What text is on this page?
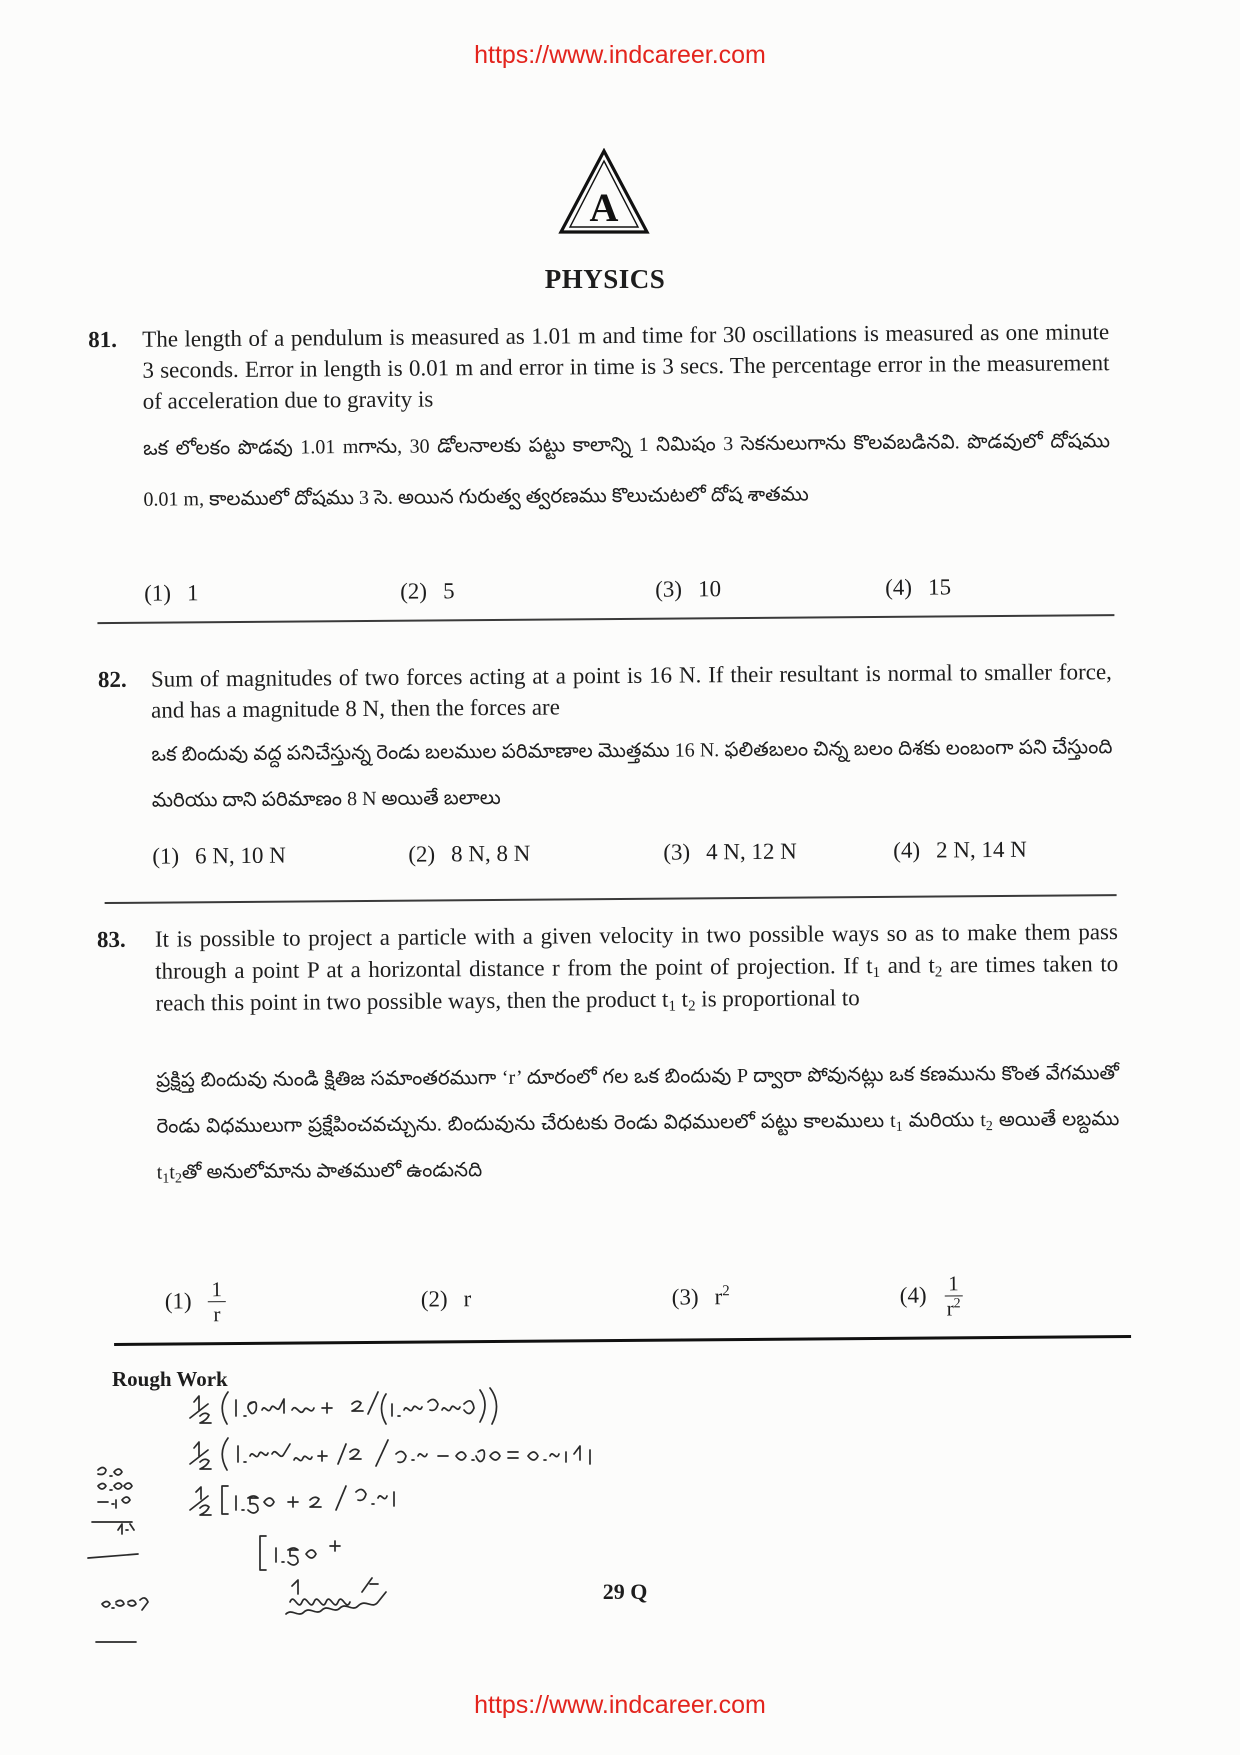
https://www.indcareer.com
A
PHYSICS
81. The length of a pendulum is measured as 1.01 m and time for 30 oscillations is measured as one minute 3 seconds. Error in length is 0.01 m and error in time is 3 secs. The percentage error in the measurement of acceleration due to gravity is
ఒక లోలకం పొడవు 1.01 mగాను, 30 డోలనాలకు పట్టు కాలాన్ని 1 నిమిషం 3 సెకనులుగాను కొలవబడినవి. పొడవులో దోషము 0.01 m, కాలములో దోషము 3 సె. అయిన గురుత్వ త్వరణము కొలుచుటలో దోష శాతము
(1) 1	(2) 5	(3) 10	(4) 15
82. Sum of magnitudes of two forces acting at a point is 16 N. If their resultant is normal to smaller force, and has a magnitude 8 N, then the forces are
ఒక బిందువు వద్ద పనిచేస్తున్న రెండు బలముల పరిమాణాల మొత్తము 16 N. ఫలితబలం చిన్న బలం దిశకు లంబంగా పని చేస్తుంది మరియు దాని పరిమాణం 8 N అయితే బలాలు
(1) 6 N, 10 N	(2) 8 N, 8 N	(3) 4 N, 12 N	(4) 2 N, 14 N
83. It is possible to project a particle with a given velocity in two possible ways so as to make them pass through a point P at a horizontal distance r from the point of projection. If $t_1$ and $t_2$ are times taken to reach this point in two possible ways, then the product $t_1$ $t_2$ is proportional to
ప్రక్షిప్త బిందువు నుండి క్షితిజ సమాంతరముగా ‘r’ దూరంలో గల ఒక బిందువు P ద్వారా పోవునట్లు ఒక కణమును కొంత వేగముతో రెండు విధములుగా ప్రక్షేపించవచ్చును. బిందువును చేరుటకు రెండు విధములలో పట్టు కాలములు $t_1$ మరియు $t_2$ అయితే లబ్దము $t_1t_2తో$ అనులోమాను పాతములో ఉండునది
$(1) \frac{1}{r}$	(2) r	(3) $r^2$	$(4) \frac{1}{r^2}$
Rough Work
29 Q
https://www.indcareer.com
